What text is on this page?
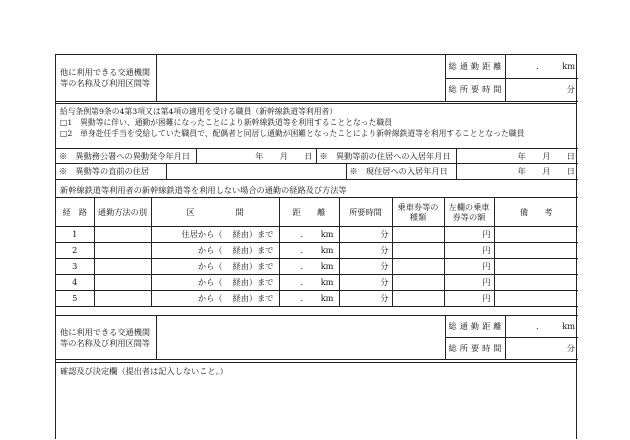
他に利用できる交通機関等の名称及び利用区間等		総通勤距離	． km
		総所要時間	分
給与条例第9条の4第3項又は第4項の適用を受ける職員（新幹線鉄道等利用者）
□1　異動等に伴い、通勤が困難になったことにより新幹線鉄道等を利用することとなった職員
□2　単身赴任手当を受給していた職員で、配偶者と同居し通勤が困難となったことにより新幹線鉄道等を利用することとなった職員
※　異動務公署への異動発令年月日	年　　月　　日	※　異動等前の住居への入居年月日	年　　月　　日
※　異動等の直前の住居		※　現住居への入居年月日	年　　月　　日
新幹線鉄道等利用者の新幹線鉄道等を利用しない場合の通勤の経路及び方法等
経　路	通勤方法の別	区　　　　　間	距　　離	所要時間	乗車券等の種類	左欄の乗車券等の額	備　　考
1		住居から（ 経由）まで	． km	分		円	
2		から（ 経由）まで	． km	分		円	
3		から（ 経由）まで	． km	分		円	
4		から（ 経由）まで	． km	分		円	
5		から（ 経由）まで	． km	分		円	
他に利用できる交通機関等の名称及び利用区間等		総通勤距離	． km
		総所要時間	分
確認及び決定欄（提出者は記入しないこと。）
